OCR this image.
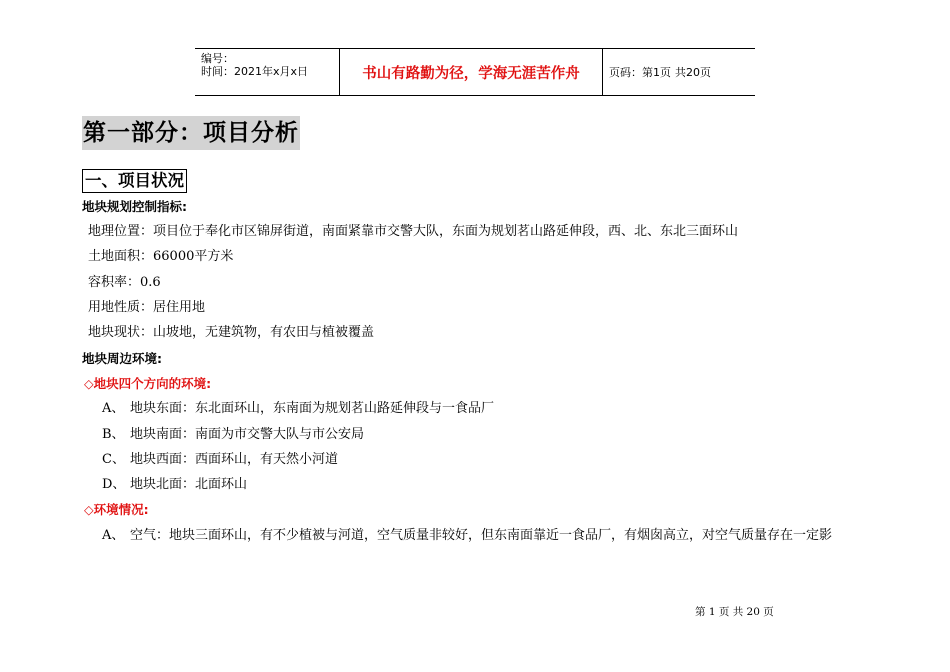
编号：
时间：2021年x月x日	书山有路勤为径，学海无涯苦作舟	页码：第1页 共20页
第一部分：项目分析
一、项目状况
地块规划控制指标:
地理位置：项目位于奉化市区锦屏街道，南面紧靠市交警大队，东面为规划茗山路延伸段，西、北、东北三面环山
土地面积：66000平方米
容积率：0.6
用地性质：居住用地
地块现状：山坡地，无建筑物，有农田与植被覆盖
地块周边环境:
◇地块四个方向的环境:
A、 地块东面：东北面环山，东南面为规划茗山路延伸段与一食品厂
B、 地块南面：南面为市交警大队与市公安局
C、 地块西面：西面环山，有天然小河道
D、 地块北面：北面环山
◇环境情况:
A、 空气：地块三面环山，有不少植被与河道，空气质量非较好，但东南面靠近一食品厂，有烟囱高立，对空气质量存在一定影
第 1 页 共 20 页
